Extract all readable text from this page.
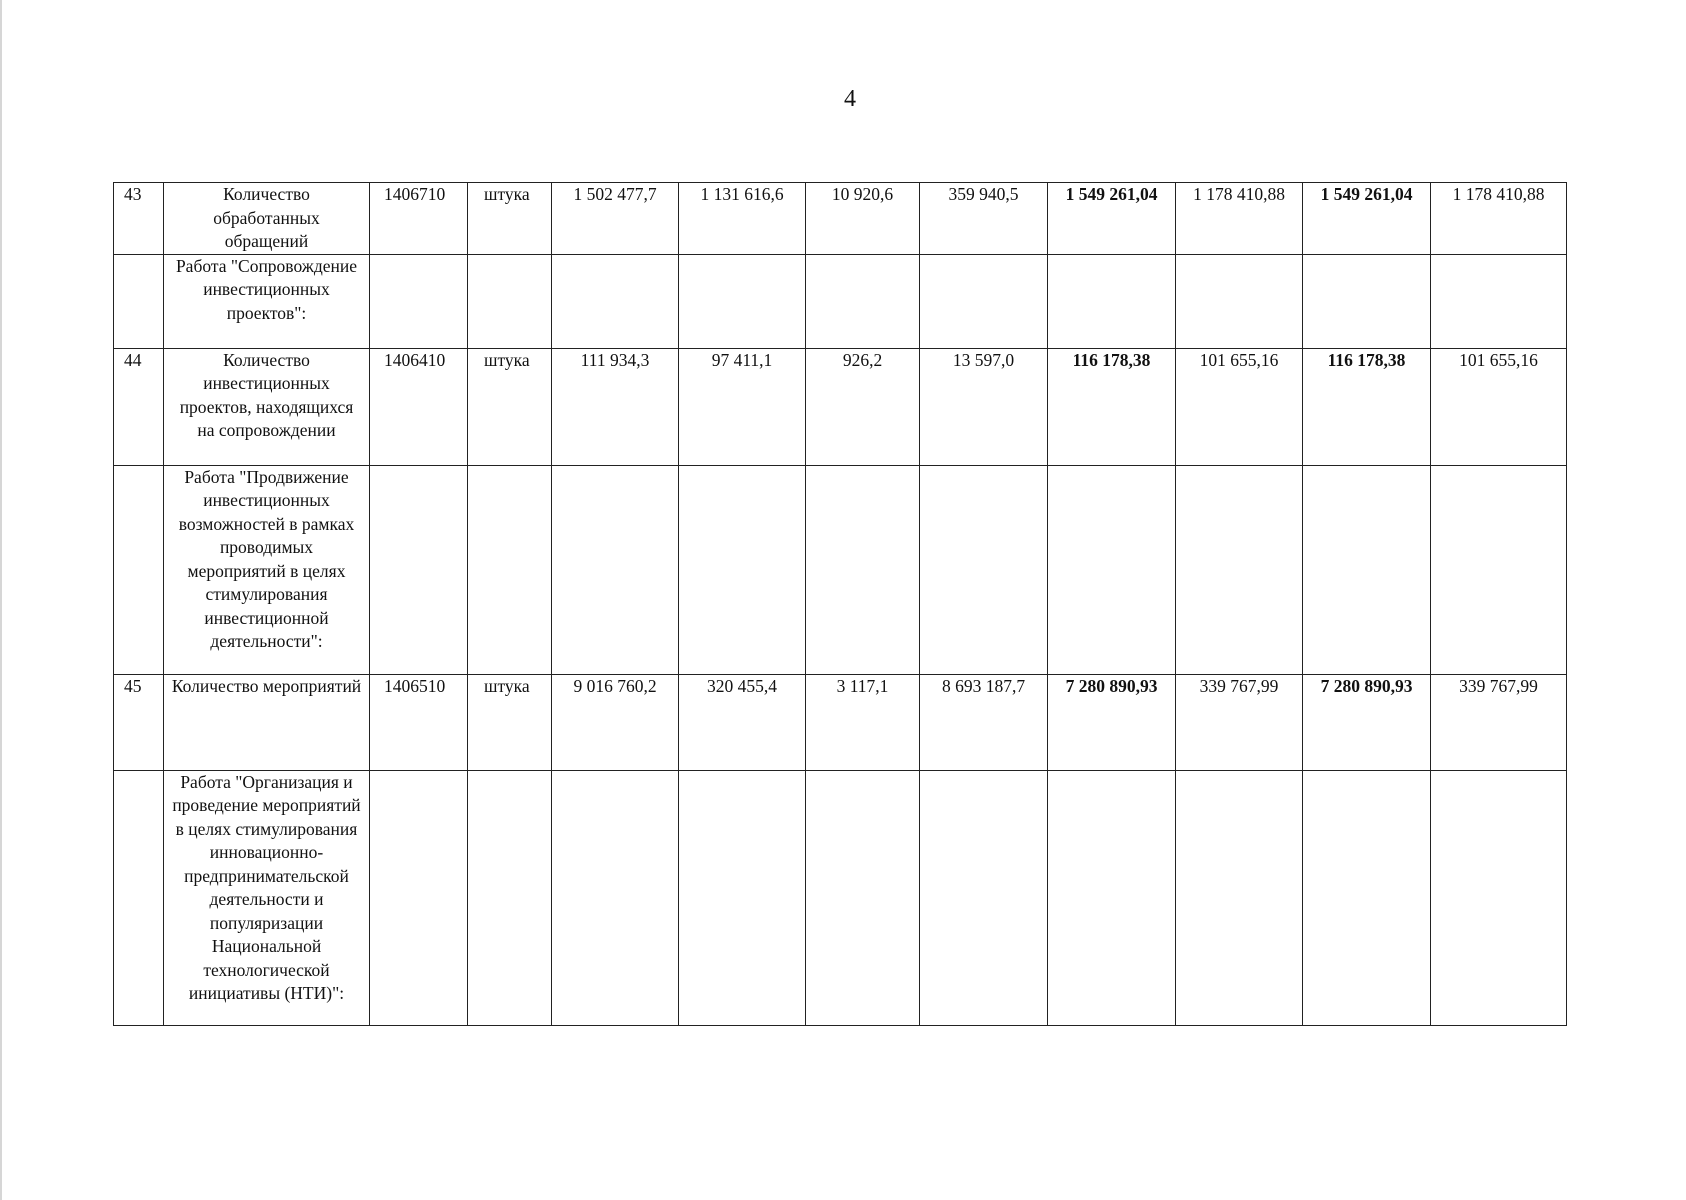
4
43	Количество обработанных обращений	1406710	штука	1 502 477,7	1 131 616,6	10 920,6	359 940,5	1 549 261,04	1 178 410,88	1 549 261,04	1 178 410,88
	Работа "Сопровождение инвестиционных проектов":										
44	Количество инвестиционных проектов, находящихся на сопровождении	1406410	штука	111 934,3	97 411,1	926,2	13 597,0	116 178,38	101 655,16	116 178,38	101 655,16
	Работа "Продвижение инвестиционных возможностей в рамках проводимых мероприятий в целях стимулирования инвестиционной деятельности":										
45	Количество мероприятий	1406510	штука	9 016 760,2	320 455,4	3 117,1	8 693 187,7	7 280 890,93	339 767,99	7 280 890,93	339 767,99
	Работа "Организация и проведение мероприятий в целях стимулирования инновационно-предпринимательской деятельности и популяризации Национальной технологической инициативы (НТИ)":										
